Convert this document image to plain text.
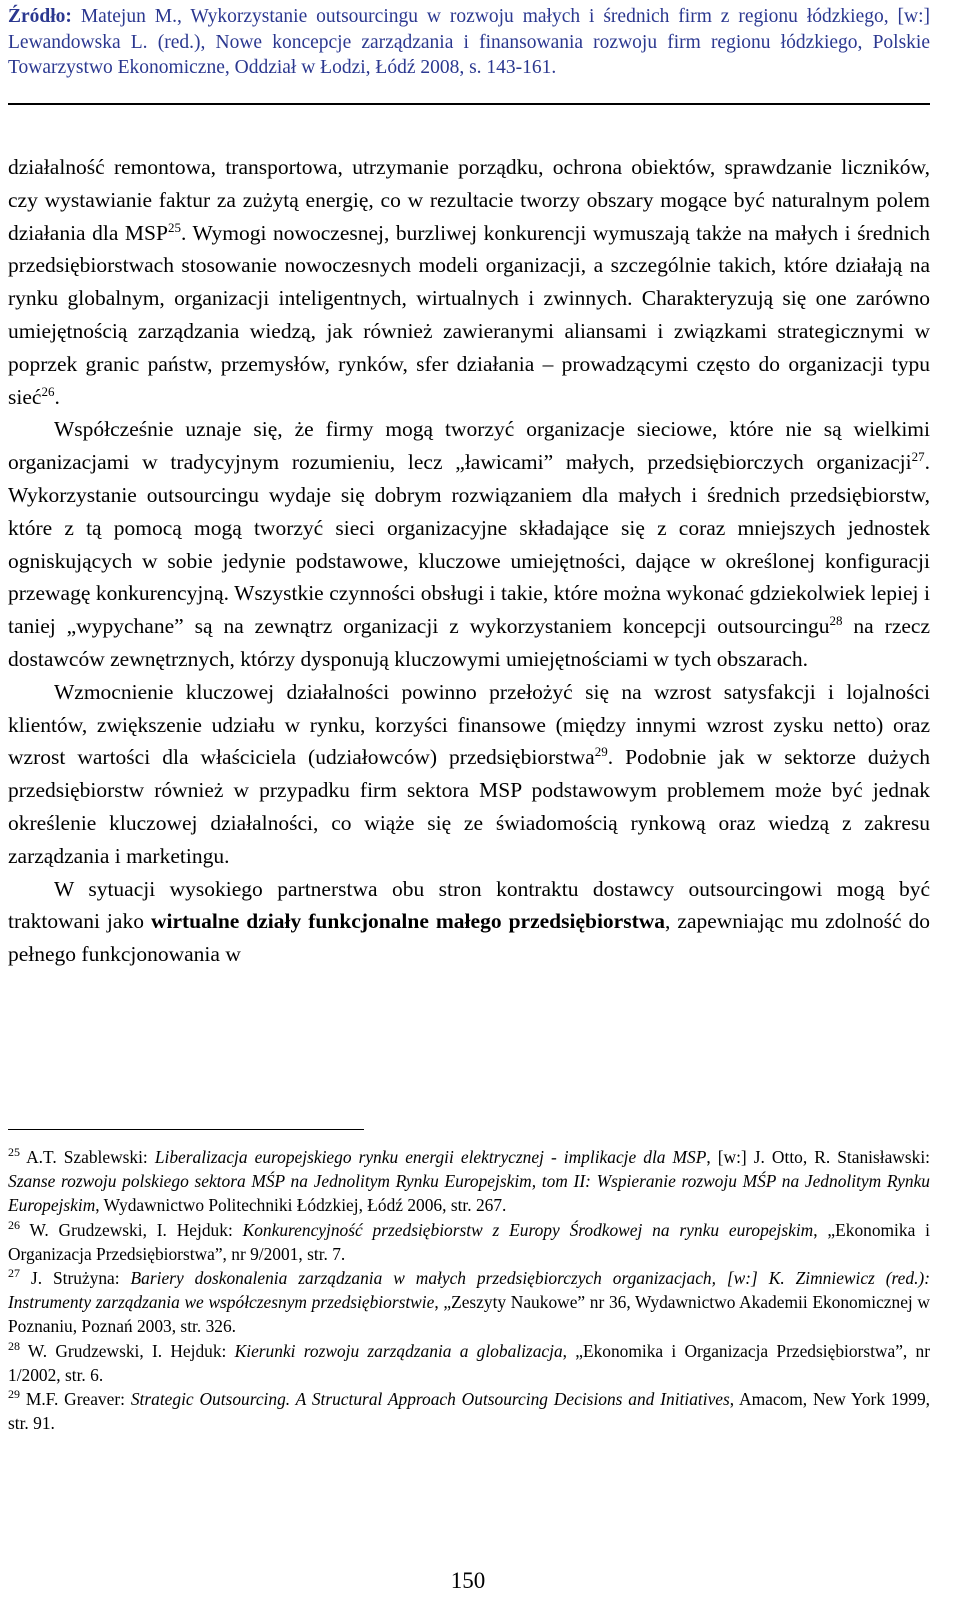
Źródło: Matejun M., Wykorzystanie outsourcingu w rozwoju małych i średnich firm z regionu łódzkiego, [w:] Lewandowska L. (red.), Nowe koncepcje zarządzania i finansowania rozwoju firm regionu łódzkiego, Polskie Towarzystwo Ekonomiczne, Oddział w Łodzi, Łódź 2008, s. 143-161.

działalność remontowa, transportowa, utrzymanie porządku, ochrona obiektów, sprawdzanie liczników, czy wystawianie faktur za zużytą energię, co w rezultacie tworzy obszary mogące być naturalnym polem działania dla MSP$^{25}$. Wymogi nowoczesnej, burzliwej konkurencji wymuszają także na małych i średnich przedsiębiorstwach stosowanie nowoczesnych modeli organizacji, a szczególnie takich, które działają na rynku globalnym, organizacji inteligentnych, wirtualnych i zwinnych. Charakteryzują się one zarówno umiejętnością zarządzania wiedzą, jak również zawieranymi aliansami i związkami strategicznymi w poprzek granic państw, przemysłów, rynków, sfer działania – prowadzącymi często do organizacji typu sieć$^{26}$.

Współcześnie uznaje się, że firmy mogą tworzyć organizacje sieciowe, które nie są wielkimi organizacjami w tradycyjnym rozumieniu, lecz „ławicami” małych, przedsiębiorczych organizacji$^{27}$. Wykorzystanie outsourcingu wydaje się dobrym rozwiązaniem dla małych i średnich przedsiębiorstw, które z tą pomocą mogą tworzyć sieci organizacyjne składające się z coraz mniejszych jednostek ogniskujących w sobie jedynie podstawowe, kluczowe umiejętności, dające w określonej konfiguracji przewagę konkurencyjną. Wszystkie czynności obsługi i takie, które można wykonać gdziekolwiek lepiej i taniej „wypychane” są na zewnątrz organizacji z wykorzystaniem koncepcji outsourcingu$^{28}$ na rzecz dostawców zewnętrznych, którzy dysponują kluczowymi umiejętnościami w tych obszarach.

Wzmocnienie kluczowej działalności powinno przełożyć się na wzrost satysfakcji i lojalności klientów, zwiększenie udziału w rynku, korzyści finansowe (między innymi wzrost zysku netto) oraz wzrost wartości dla właściciela (udziałowców) przedsiębiorstwa$^{29}$. Podobnie jak w sektorze dużych przedsiębiorstw również w przypadku firm sektora MSP podstawowym problemem może być jednak określenie kluczowej działalności, co wiąże się ze świadomością rynkową oraz wiedzą z zakresu zarządzania i marketingu.

W sytuacji wysokiego partnerstwa obu stron kontraktu dostawcy outsourcingowi mogą być traktowani jako wirtualne działy funkcjonalne małego przedsiębiorstwa, zapewniając mu zdolność do pełnego funkcjonowania w

$^{25}$ A.T. Szablewski: Liberalizacja europejskiego rynku energii elektrycznej - implikacje dla MSP, [w:] J. Otto, R. Stanisławski: Szanse rozwoju polskiego sektora MŚP na Jednolitym Rynku Europejskim, tom II: Wspieranie rozwoju MŚP na Jednolitym Rynku Europejskim, Wydawnictwo Politechniki Łódzkiej, Łódź 2006, str. 267.

$^{26}$ W. Grudzewski, I. Hejduk: Konkurencyjność przedsiębiorstw z Europy Środkowej na rynku europejskim, „Ekonomika i Organizacja Przedsiębiorstwa”, nr 9/2001, str. 7.

$^{27}$ J. Strużyna: Bariery doskonalenia zarządzania w małych przedsiębiorczych organizacjach, [w:] K. Zimniewicz (red.): Instrumenty zarządzania we współczesnym przedsiębiorstwie, „Zeszyty Naukowe” nr 36, Wydawnictwo Akademii Ekonomicznej w Poznaniu, Poznań 2003, str. 326.

$^{28}$ W. Grudzewski, I. Hejduk: Kierunki rozwoju zarządzania a globalizacja, „Ekonomika i Organizacja Przedsiębiorstwa”, nr 1/2002, str. 6.

$^{29}$ M.F. Greaver: Strategic Outsourcing. A Structural Approach Outsourcing Decisions and Initiatives, Amacom, New York 1999, str. 91.

150
